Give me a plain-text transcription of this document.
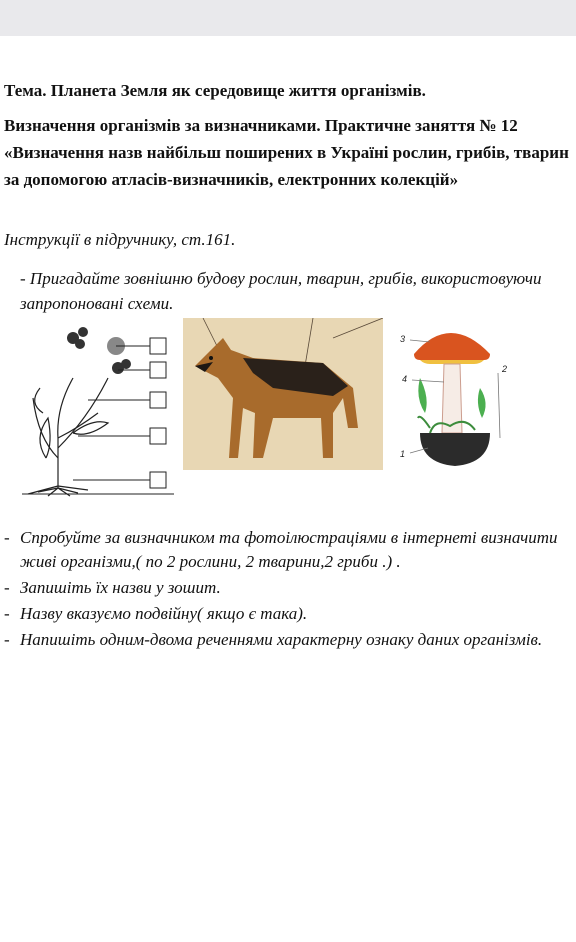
Тема. Планета Земля як середовище життя організмів.
Визначення організмів за визначниками. Практичне заняття № 12 «Визначення назв найбільш поширених в Україні рослин, грибів, тварин за допомогою атласів-визначників, електронних колекцій»
Інструкції в підручнику, ст.161.
- Пригадайте зовнішню будову рослин, тварин, грибів, використовуючи запропоновані схеми.
3
4
2
1
- Спробуйте за визначником та фотоілюстраціями в інтернеті визначити живі організми,( по 2 рослини, 2 тварини,2 гриби .) .
- Запишіть їх назви у зошит.
- Назву вказуємо подвійну( якщо є така).
- Напишіть одним-двома реченнями характерну ознаку даних організмів.
